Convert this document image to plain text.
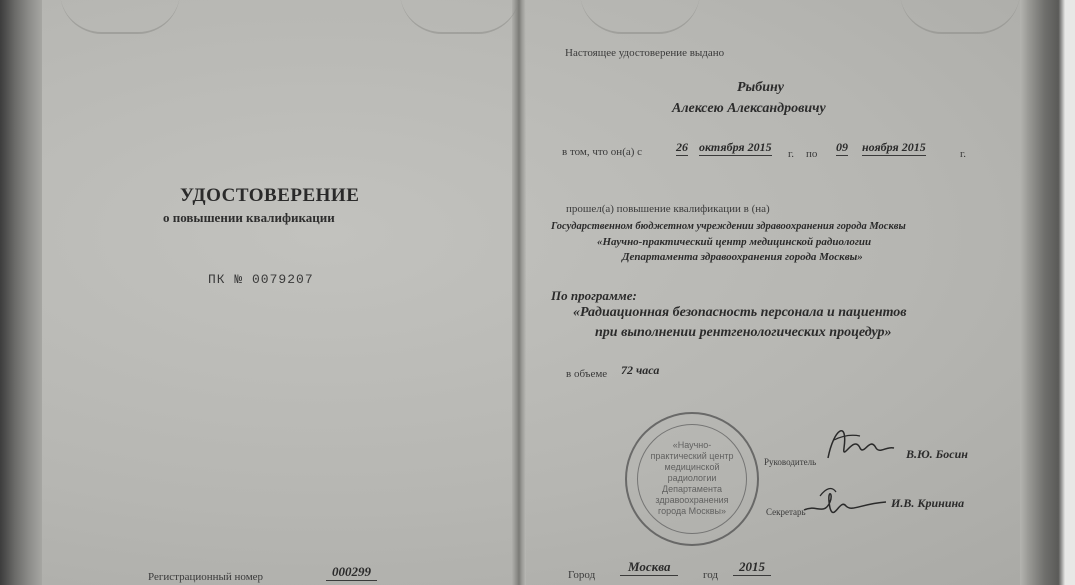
УДОСТОВЕРЕНИЕ
о повышении квалификации
ПК № 0079207
Регистрационный номер	000299
Настоящее удостоверение выдано
Рыбину
Алексею Александровичу
в том, что он(а) с	26 октября 2015 г. по 09 ноября 2015	г.
прошел(а) повышение квалификации в (на)
Государственном бюджетном учреждении здравоохранения города Москвы
«Научно-практический центр медицинской радиологии
Департамента здравоохранения города Москвы»
По программе:
«Радиационная безопасность персонала и пациентов
при выполнении рентгенологических процедур»
в объеме 72 часа
«Научно-практический центр медицинской радиологии Департамента здравоохранения города Москвы»
Руководитель
В.Ю. Босин
Секретарь
И.В. Кринина
Город
Москва
год
2015
